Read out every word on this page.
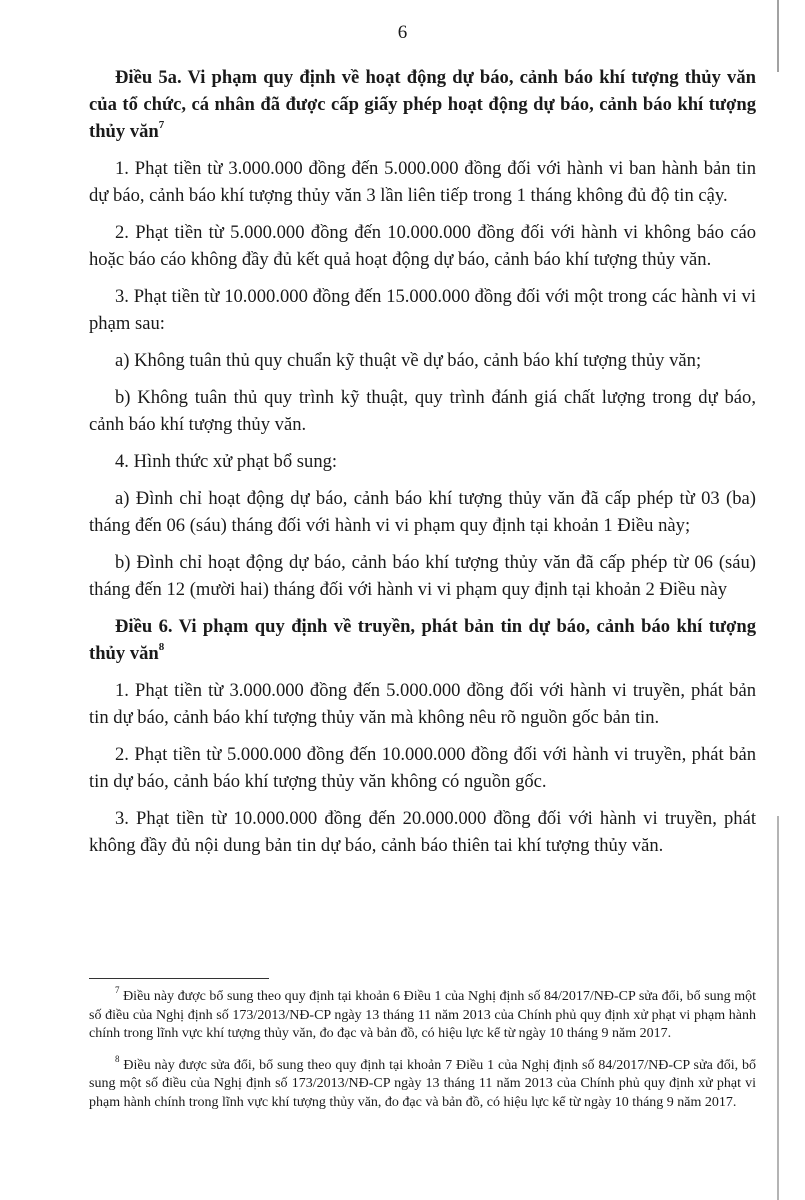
6

Điều 5a. Vi phạm quy định về hoạt động dự báo, cảnh báo khí tượng thủy văn của tổ chức, cá nhân đã được cấp giấy phép hoạt động dự báo, cảnh báo khí tượng thủy văn$^7$

1. Phạt tiền từ 3.000.000 đồng đến 5.000.000 đồng đối với hành vi ban hành bản tin dự báo, cảnh báo khí tượng thủy văn 3 lần liên tiếp trong 1 tháng không đủ độ tin cậy.

2. Phạt tiền từ 5.000.000 đồng đến 10.000.000 đồng đối với hành vi không báo cáo hoặc báo cáo không đầy đủ kết quả hoạt động dự báo, cảnh báo khí tượng thủy văn.

3. Phạt tiền từ 10.000.000 đồng đến 15.000.000 đồng đối với một trong các hành vi vi phạm sau:

a) Không tuân thủ quy chuẩn kỹ thuật về dự báo, cảnh báo khí tượng thủy văn;

b) Không tuân thủ quy trình kỹ thuật, quy trình đánh giá chất lượng trong dự báo, cảnh báo khí tượng thủy văn.

4. Hình thức xử phạt bổ sung:

a) Đình chỉ hoạt động dự báo, cảnh báo khí tượng thủy văn đã cấp phép từ 03 (ba) tháng đến 06 (sáu) tháng đối với hành vi vi phạm quy định tại khoản 1 Điều này;

b) Đình chỉ hoạt động dự báo, cảnh báo khí tượng thủy văn đã cấp phép từ 06 (sáu) tháng đến 12 (mười hai) tháng đối với hành vi vi phạm quy định tại khoản 2 Điều này

Điều 6. Vi phạm quy định về truyền, phát bản tin dự báo, cảnh báo khí tượng thủy văn$^8$

1. Phạt tiền từ 3.000.000 đồng đến 5.000.000 đồng đối với hành vi truyền, phát bản tin dự báo, cảnh báo khí tượng thủy văn mà không nêu rõ nguồn gốc bản tin.

2. Phạt tiền từ 5.000.000 đồng đến 10.000.000 đồng đối với hành vi truyền, phát bản tin dự báo, cảnh báo khí tượng thủy văn không có nguồn gốc.

3. Phạt tiền từ 10.000.000 đồng đến 20.000.000 đồng đối với hành vi truyền, phát không đầy đủ nội dung bản tin dự báo, cảnh báo thiên tai khí tượng thủy văn.

$^7$ Điều này được bổ sung theo quy định tại khoản 6 Điều 1 của Nghị định số 84/2017/NĐ-CP sửa đổi, bổ sung một số điều của Nghị định số 173/2013/NĐ-CP ngày 13 tháng 11 năm 2013 của Chính phủ quy định xử phạt vi phạm hành chính trong lĩnh vực khí tượng thủy văn, đo đạc và bản đồ, có hiệu lực kể từ ngày 10 tháng 9 năm 2017.

$^8$ Điều này được sửa đổi, bổ sung theo quy định tại khoản 7 Điều 1 của Nghị định số 84/2017/NĐ-CP sửa đổi, bổ sung một số điều của Nghị định số 173/2013/NĐ-CP ngày 13 tháng 11 năm 2013 của Chính phủ quy định xử phạt vi phạm hành chính trong lĩnh vực khí tượng thủy văn, đo đạc và bản đồ, có hiệu lực kể từ ngày 10 tháng 9 năm 2017.
